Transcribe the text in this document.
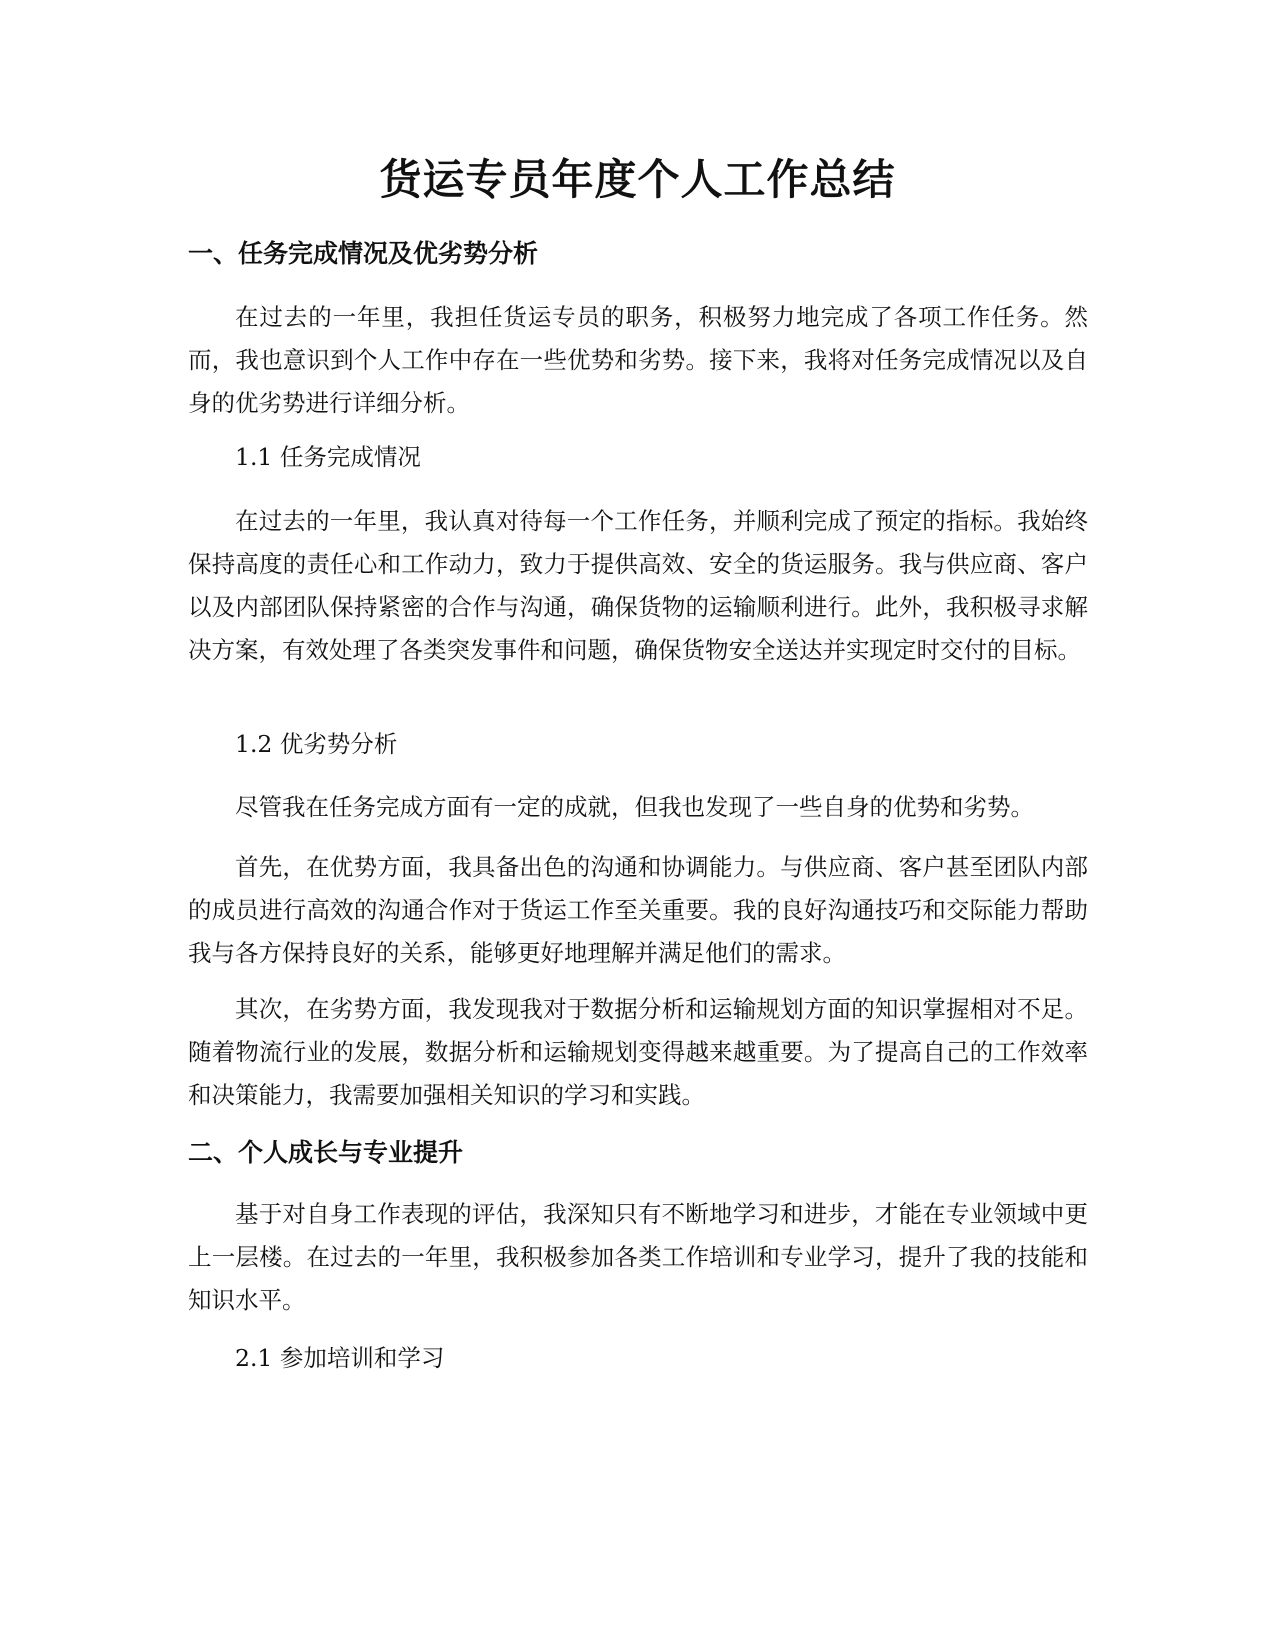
货运专员年度个人工作总结
一、任务完成情况及优劣势分析

在过去的一年里，我担任货运专员的职务，积极努力地完成了各项工作任务。然而，我也意识到个人工作中存在一些优势和劣势。接下来，我将对任务完成情况以及自身的优劣势进行详细分析。

1.1 任务完成情况

在过去的一年里，我认真对待每一个工作任务，并顺利完成了预定的指标。我始终保持高度的责任心和工作动力，致力于提供高效、安全的货运服务。我与供应商、客户以及内部团队保持紧密的合作与沟通，确保货物的运输顺利进行。此外，我积极寻求解决方案，有效处理了各类突发事件和问题，确保货物安全送达并实现定时交付的目标。

1.2 优劣势分析

尽管我在任务完成方面有一定的成就，但我也发现了一些自身的优势和劣势。

首先，在优势方面，我具备出色的沟通和协调能力。与供应商、客户甚至团队内部的成员进行高效的沟通合作对于货运工作至关重要。我的良好沟通技巧和交际能力帮助我与各方保持良好的关系，能够更好地理解并满足他们的需求。

其次，在劣势方面，我发现我对于数据分析和运输规划方面的知识掌握相对不足。随着物流行业的发展，数据分析和运输规划变得越来越重要。为了提高自己的工作效率和决策能力，我需要加强相关知识的学习和实践。

二、个人成长与专业提升

基于对自身工作表现的评估，我深知只有不断地学习和进步，才能在专业领域中更上一层楼。在过去的一年里，我积极参加各类工作培训和专业学习，提升了我的技能和知识水平。

2.1 参加培训和学习
